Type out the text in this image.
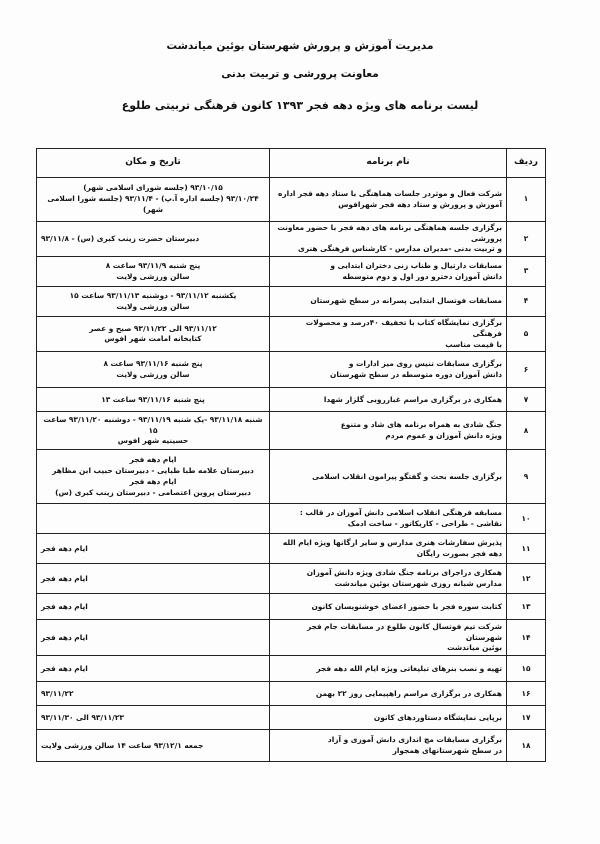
مدیریت آموزش و پرورش شهرستان بوئین میاندشت
معاونت پرورشی و تربیت بدنی
لیست برنامه های ویژه دهه فجر ۱۳۹۳ کانون فرهنگی تربیتی طلوع
ردیف	نام برنامه	تاریخ و مکان
۱	شرکت فعال و موثردر جلسات هماهنگی با ستاد دهه فجر اداره
آموزش و پرورش و ستاد دهه فجر شهرافوس	۹۳/۱۰/۱۵ (جلسه شورای اسلامی شهر)
۹۳/۱۰/۲۴ (جلسه اداره آ.پ) - ۹۳/۱۱/۴ (جلسه شورا اسلامی شهر)

۲	برگزاری جلسه هماهنگی برنامه های دهه فجر با حضور معاونت پرورشی
و تربیت بدنی -مدیران مدارس - کارشناس فرهنگی هنری	دبیرستان حضرت زینب کبری (س) - ۹۳/۱۱/۸

۳	مسابقات دارتیال و طناب زنی دختران ابتدایی و
دانش آموزان دخترو دور اول و دوم متوسطه	پنج شنبه ۹۳/۱۱/۹ ساعت ۸
سالن ورزشی ولایت

۴	مسابقات فوتسال ابتدایی پسرانه در سطح شهرستان	یکشنبه ۹۳/۱۱/۱۲ - دوشنبه ۹۳/۱۱/۱۳ ساعت ۱۵
سالن ورزشی ولایت

۵	برگزاری نمایشگاه کتاب با تخفیف ۴۰درصد و محصولات فرهنگی
با قیمت مناسب	۹۳/۱۱/۱۲ الی ۹۳/۱۱/۲۲ صبح و عصر
کتابخانه امامت شهر افوس

۶	برگزاری مسابقات تنیس روی میز ادارات و
دانش آموزان دوره متوسطه در سطح شهرستان	پنج شنبه ۹۳/۱۱/۱۶ ساعت ۸
سالن ورزشی ولایت

۷	همکاری در برگزاری مراسم غبارروبی گلزار شهدا	پنج شنبه ۹۳/۱۱/۱۶ ساعت ۱۳

۸	جنگ شادی به همراه برنامه های شاد و متنوع
ویژه دانش آموزان و عموم مردم	شنبه ۹۳/۱۱/۱۸ -یک شنبه ۹۳/۱۱/۱۹ - دوشنبه ۹۳/۱۱/۲۰ ساعت ۱۵
حسینیه شهر افوس

۹	برگزاری جلسه بحث و گفتگو پیرامون انقلاب اسلامی	ایام دهه فجر
دبیرستان علامه طبا طبایی - دبیرستان حبیب ابن مظاهر
ایام دهه فجر
دبیرستان پروین اعتصامی - دبیرستان زینب کبری (س)

۱۰	مسابقه فرهنگی انقلاب اسلامی دانش آموزان در قالب :
نقاشی - طراحی - کاریکاتور - ساخت ادمک	

۱۱	پذیرش سفارشات هنری مدارس و سایر ارگانها ویژه ایام الله
دهه فجر بصورت رایگان	ایام دهه فجر

۱۲	همکاری دراجرای برنامه جنگ شادی ویژه دانش آموزان
مدارس شبانه روزی شهرستان بوئین میاندشت	ایام دهه فجر

۱۳	کتابت سوره فجر با حضور اعضای خوشنویسان کانون	ایام دهه فجر

۱۴	شرکت تیم فوتسال کانون طلوع در مسابقات جام فجر شهرستان
بوئین میاندشت	ایام دهه فجر

۱۵	تهیه و نصب بنرهای تبلیغاتی ویژه ایام الله دهه فجر	ایام دهه فجر

۱۶	همکاری در برگزاری مراسم راهپیمایی روز ۲۲ بهمن	۹۳/۱۱/۲۲

۱۷	برپایی نمایشگاه دستاوردهای کانون	۹۳/۱۱/۲۳ الی ۹۳/۱۱/۳۰

۱۸	برگزاری مسابقات مچ اندازی دانش آموزی و آزاد
در سطح شهرستانهای همجوار	جمعه ۹۳/۱۲/۱ ساعت ۱۴ سالن ورزشی ولایت
